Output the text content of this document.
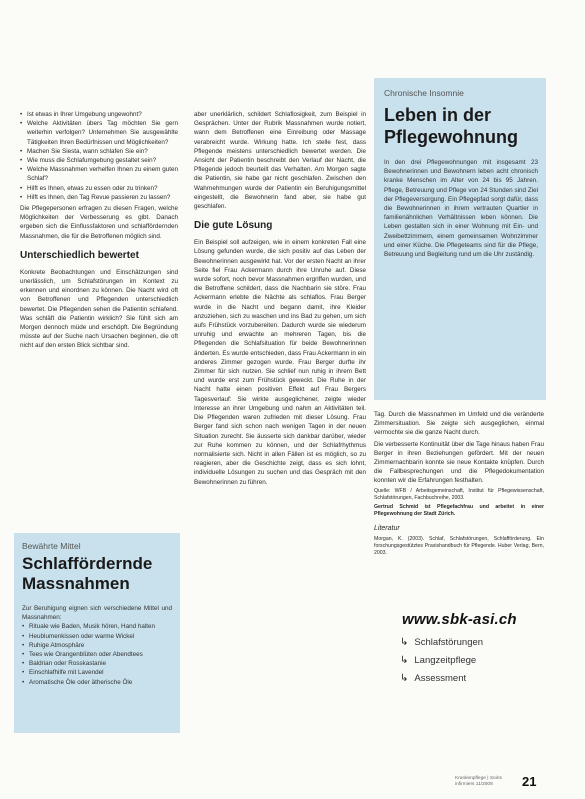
• Ist etwas in Ihrer Umgebung ungewohnt?
• Welche Aktivitäten übers Tag möchten Sie gern weiterhin verfolgen? Unternehmen Sie ausgewählte Tätigkeiten Ihren Bedürfnissen und Möglichkeiten?
• Machen Sie Siesta, wann schlafen Sie ein?
• Wie muss die Schlafumgebung gestaltet sein?
• Welche Massnahmen verhelfen Ihnen zu einem guten Schlaf?
• Hilft es Ihnen, etwas zu essen oder zu trinken?
• Hilft es Ihnen, den Tag Revue passieren zu lassen?

Die Pflegepersonen erfragen zu diesen Fragen, welche Möglichkeiten der Verbesserung es gibt. Danach ergeben sich die Einflussfaktoren und schlaffördernden Massnahmen, die für die Betroffenen möglich sind.

Unterschiedlich bewertet

Konkrete Beobachtungen und Einschätzungen sind unerlässlich, um Schlafstörungen im Kontext zu erkennen und einordnen zu können. Die Nacht wird oft von Betroffenen und Pflegenden unterschiedlich bewertet. Die Pflegenden sehen die Patientin schlafend. Was schläft die Patientin wirklich? Sie fühlt sich am Morgen dennoch müde und erschöpft. Die Begründung müsste auf der Suche nach Ursachen beginnen, die oft nicht auf den ersten Blick sichtbar sind.

Bewährte Mittel

Schlaffördernde

Massnahmen

Zur Beruhigung eignen sich verschiedene Mittel und Massnahmen:

• Rituale wie Baden, Musik hören, Hand halten
• Heublumenkissen oder warme Wickel
• Ruhige Atmosphäre
• Tees wie Orangenblüten oder Abendtees
• Baldrian oder Rosskastanie
• Einschlafhilfe mit Lavendel
• Aromatische Öle oder ätherische Öle

aber unerklärlich, schildert Schlaflosigkeit, zum Beispiel in Gesprächen. Unter der Rubrik Massnahmen wurde notiert, wann dem Betroffenen eine Einreibung oder Massage verabreicht wurde. Wirkung hatte. Ich stelle fest, dass Pflegende meistens unterschiedlich bewertet werden. Die Ansicht der Patientin beschreibt den Verlauf der Nacht, die Pflegende jedoch beurteilt das Verhalten. Am Morgen sagte die Patientin, sie habe gar nicht geschlafen. Zwischen den Wahrnehmungen wurde der Patientin ein Beruhigungsmittel eingestellt, die Bewohnerin fand aber, sie habe gut geschlafen.

Die gute Lösung

Ein Beispiel soll aufzeigen, wie in einem konkreten Fall eine Lösung gefunden wurde, die sich positiv auf das Leben der Bewohnerinnen ausgewirkt hat. Vor der ersten Nacht an ihrer Seite fiel Frau Ackermann durch ihre Unruhe auf. Diese wurde sofort, noch bevor Massnahmen ergriffen wurden, und die Betroffene schildert, dass die Nachbarin sie störe. Frau Ackermann erlebte die Nächte als schlaflos. Frau Berger wurde in die Nacht und begann damit, ihre Kleider anzuziehen, sich zu waschen und ins Bad zu gehen, um sich aufs Frühstück vorzubereiten. Dadurch wurde sie wiederum unruhig und erwachte an mehreren Tagen, bis die Pflegenden die Schlafsituation für beide Bewohnerinnen änderten. Es wurde entschieden, dass Frau Ackermann in ein anderes Zimmer gezogen wurde. Frau Berger durfte ihr Zimmer für sich nutzen. Sie schlief nun ruhig in ihrem Bett und wurde erst zum Frühstück geweckt. Die Ruhe in der Nacht hatte einen positiven Effekt auf Frau Bergers Tagesverlauf: Sie wirkte ausgeglichener, zeigte wieder Interesse an ihrer Umgebung und nahm an Aktivitäten teil. Die Pflegenden waren zufrieden mit dieser Lösung. Frau Berger fand sich schon nach wenigen Tagen in der neuen Situation zurecht. Sie äusserte sich dankbar darüber, wieder zur Ruhe kommen zu können, und der Schlafrhythmus normalisierte sich. Nicht in allen Fällen ist es möglich, so zu reagieren, aber die Geschichte zeigt, dass es sich lohnt, individuelle Lösungen zu suchen und das Gespräch mit den Bewohnerinnen zu führen.

Chronische Insomnie

Leben in der

Pflegewohnung

In den drei Pflegewohnungen mit insgesamt 23 Bewohnerinnen und Bewohnern leben acht chronisch kranke Menschen im Alter von 24 bis 95 Jahren. Pflege, Betreuung und Pflege von 24 Stunden sind Ziel der Pflegeversorgung. Ein Pflegepfad sorgt dafür, dass die Bewohnerinnen in ihrem vertrauten Quartier in familienähnlichen Verhältnissen leben können. Die Leben gestalten sich in einer Wohnung mit Ein- und Zweibettzimmern, einem gemeinsamen Wohnzimmer und einer Küche. Die Pflegeteams sind für die Pflege, Betreuung und Begleitung rund um die Uhr zuständig.

Tag. Durch die Massnahmen im Umfeld und die veränderte Zimmersituation. Sie zeigte sich ausgeglichen, einmal vermochte sie die ganze Nacht durch.

Die verbesserte Kontinuität über die Tage hinaus haben Frau Berger in ihren Beziehungen gefördert. Mit der neuen Zimmernachbarin konnte sie neue Kontakte knüpfen. Durch die Fallbesprechungen und die Pflegedokumentation konnten wir die Erfahrungen festhalten.

Quelle: WFB / Arbeitsgemeinschaft, Institut für Pflegewissenschaft, Schlafstörungen, Fachbuchreihe, 2003.

Gertrud Schmid ist Pflegefachfrau und arbeitet in einer Pflegewohnung der Stadt Zürich.

Literatur

Morgan, K. (2003). Schlaf, Schlafstörungen, Schlafförderung. Ein forschungsgestütztes Praxishandbuch für Pflegende. Huber Verlag, Bern, 2003.

www.sbk-asi.ch
↳ Schlafstörungen
↳ Langzeitpflege
↳ Assessment
Krankenpflege | Soins infirmiers 11/2008	21
